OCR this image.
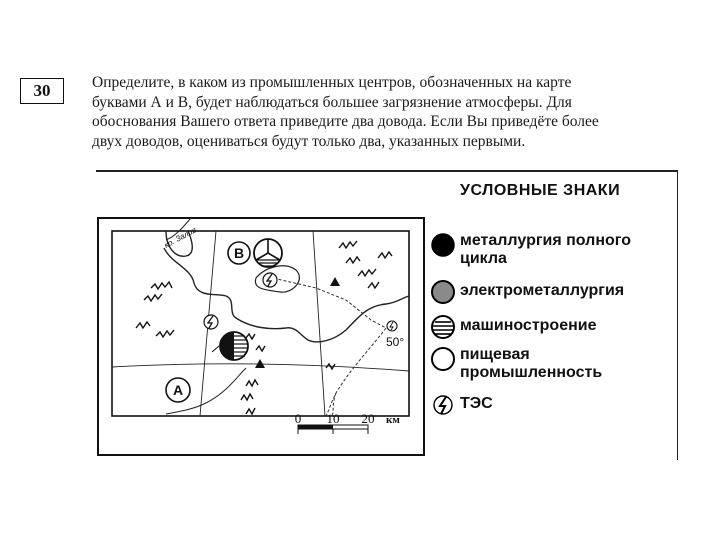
30	Определите, в каком из промышленных центров, обозначенных на карте
буквами А и В, будет наблюдаться большее загрязнение атмосферы. Для
обоснования Вашего ответа приведите два довода. Если Вы приведёте более
двух доводов, оцениваться будут только два, указанных первыми.
ко. Залив
В
А
50°
0 10 20 км
УСЛОВНЫЕ ЗНАКИ
металлургия полного
цикла
электрометаллургия
машиностроение
пищевая
промышленность
ТЭС
